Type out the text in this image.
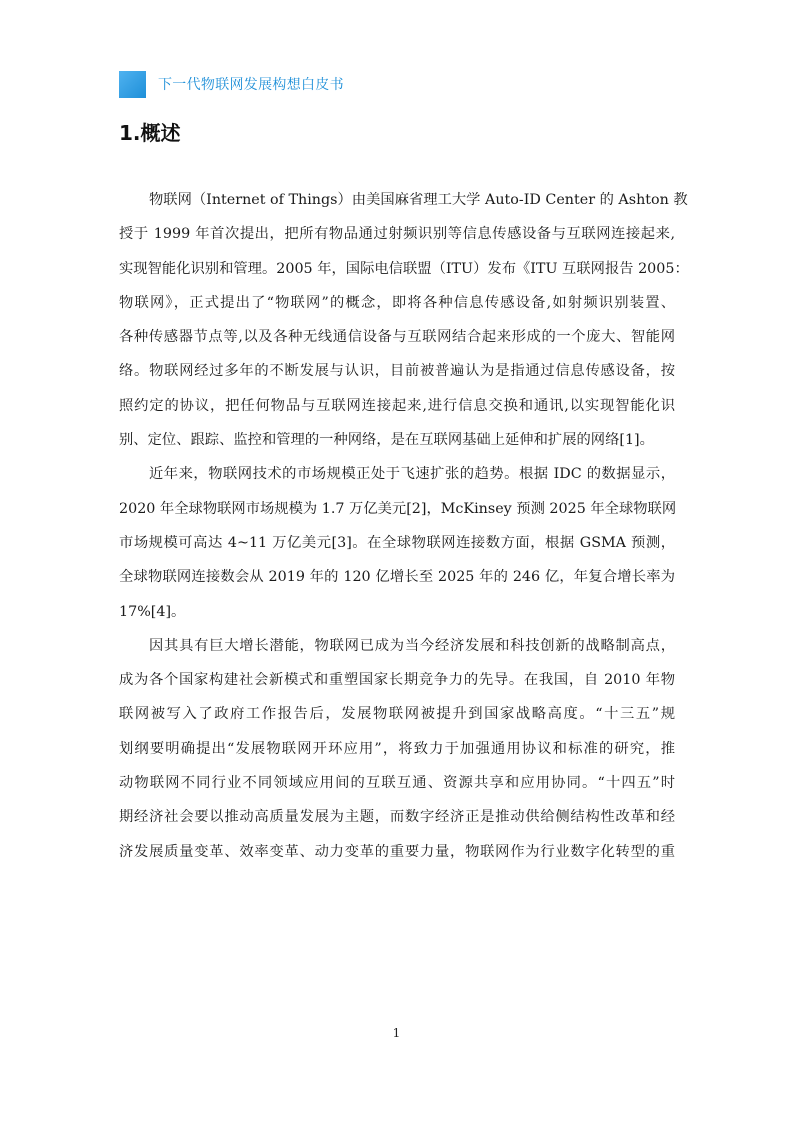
下一代物联网发展构想白皮书
1.概述
物联网（Internet of Things）由美国麻省理工大学 Auto-ID Center 的 Ashton 教
授于 1999 年首次提出，把所有物品通过射频识别等信息传感设备与互联网连接起来,
实现智能化识别和管理。2005 年，国际电信联盟（ITU）发布《ITU 互联网报告 2005：
物联网》，正式提出了“物联网”的概念，即将各种信息传感设备,如射频识别装置、
各种传感器节点等,以及各种无线通信设备与互联网结合起来形成的一个庞大、智能网
络。物联网经过多年的不断发展与认识，目前被普遍认为是指通过信息传感设备，按
照约定的协议，把任何物品与互联网连接起来,进行信息交换和通讯,以实现智能化识
别、定位、跟踪、监控和管理的一种网络，是在互联网基础上延伸和扩展的网络[1]。
近年来，物联网技术的市场规模正处于飞速扩张的趋势。根据 IDC 的数据显示，
2020 年全球物联网市场规模为 1.7 万亿美元[2]，McKinsey 预测 2025 年全球物联网
市场规模可高达 4~11 万亿美元[3]。在全球物联网连接数方面，根据 GSMA 预测，
全球物联网连接数会从 2019 年的 120 亿增长至 2025 年的 246 亿，年复合增长率为
17%[4]。
因其具有巨大增长潜能，物联网已成为当今经济发展和科技创新的战略制高点，
成为各个国家构建社会新模式和重塑国家长期竞争力的先导。在我国，自 2010 年物
联网被写入了政府工作报告后，发展物联网被提升到国家战略高度。“十三五”规
划纲要明确提出“发展物联网开环应用”，将致力于加强通用协议和标准的研究，推
动物联网不同行业不同领域应用间的互联互通、资源共享和应用协同。“十四五”时
期经济社会要以推动高质量发展为主题，而数字经济正是推动供给侧结构性改革和经
济发展质量变革、效率变革、动力变革的重要力量，物联网作为行业数字化转型的重
1
